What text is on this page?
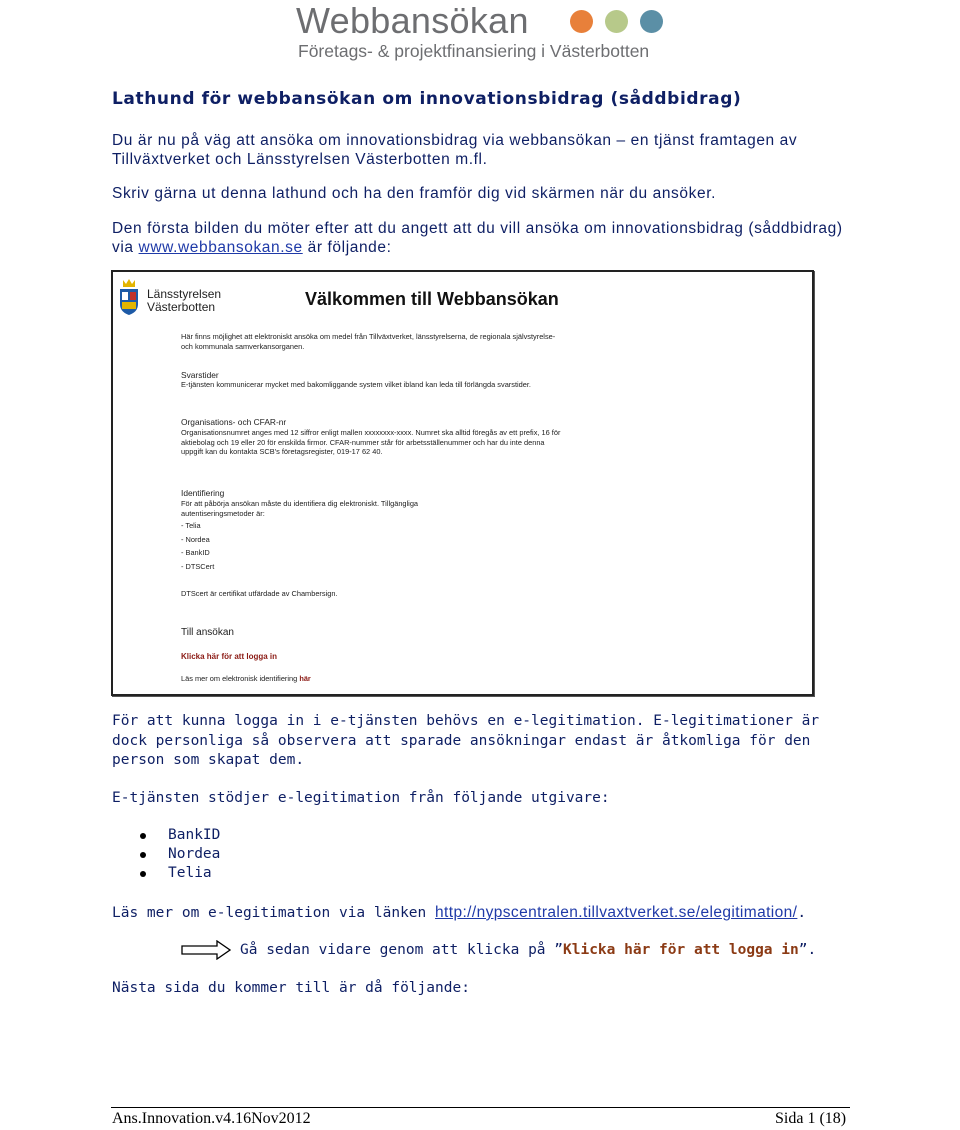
Webbansökan
Företags- & projektfinansiering i Västerbotten
Lathund för webbansökan om innovationsbidrag (såddbidrag)
Du är nu på väg att ansöka om innovationsbidrag via webbansökan – en tjänst framtagen av Tillväxtverket och Länsstyrelsen Västerbotten m.fl.
Skriv gärna ut denna lathund och ha den framför dig vid skärmen när du ansöker.
Den första bilden du möter efter att du angett att du vill ansöka om innovationsbidrag (såddbidrag) via www.webbansokan.se är följande:
Länsstyrelsen
Västerbotten	Välkommen till Webbansökan
Här finns möjlighet att elektroniskt ansöka om medel från Tillväxtverket, länsstyrelserna, de regionala självstyrelse- och kommunala samverkansorganen.
Svarstider
E-tjänsten kommunicerar mycket med bakomliggande system vilket ibland kan leda till förlängda svarstider.
Organisations- och CFAR-nr
Organisationsnumret anges med 12 siffror enligt mallen xxxxxxxx-xxxx. Numret ska alltid föregås av ett prefix, 16 för aktiebolag och 19 eller 20 för enskilda firmor. CFAR-nummer står för arbetsställenummer och har du inte denna uppgift kan du kontakta SCB's företagsregister, 019-17 62 40.
Identifiering
För att påbörja ansökan måste du identifiera dig elektroniskt. Tillgängliga autentiseringsmetoder är:
- Telia
- Nordea
- BankID
- DTSCert
DTScert är certifikat utfärdade av Chambersign.
Till ansökan
Klicka här för att logga in
Läs mer om elektronisk identifiering här
För att kunna logga in i e-tjänsten behövs en e-legitimation. E-legitimationer är dock personliga så observera att sparade ansökningar endast är åtkomliga för den person som skapat dem.
E-tjänsten stödjer e-legitimation från följande utgivare:
BankID
Nordea
Telia
Läs mer om e-legitimation via länken http://nypscentralen.tillvaxtverket.se/elegitimation/.
Gå sedan vidare genom att klicka på ”Klicka här för att logga in”.
Nästa sida du kommer till är då följande:
Ans.Innovation.v4.16Nov2012	Sida 1 (18)
